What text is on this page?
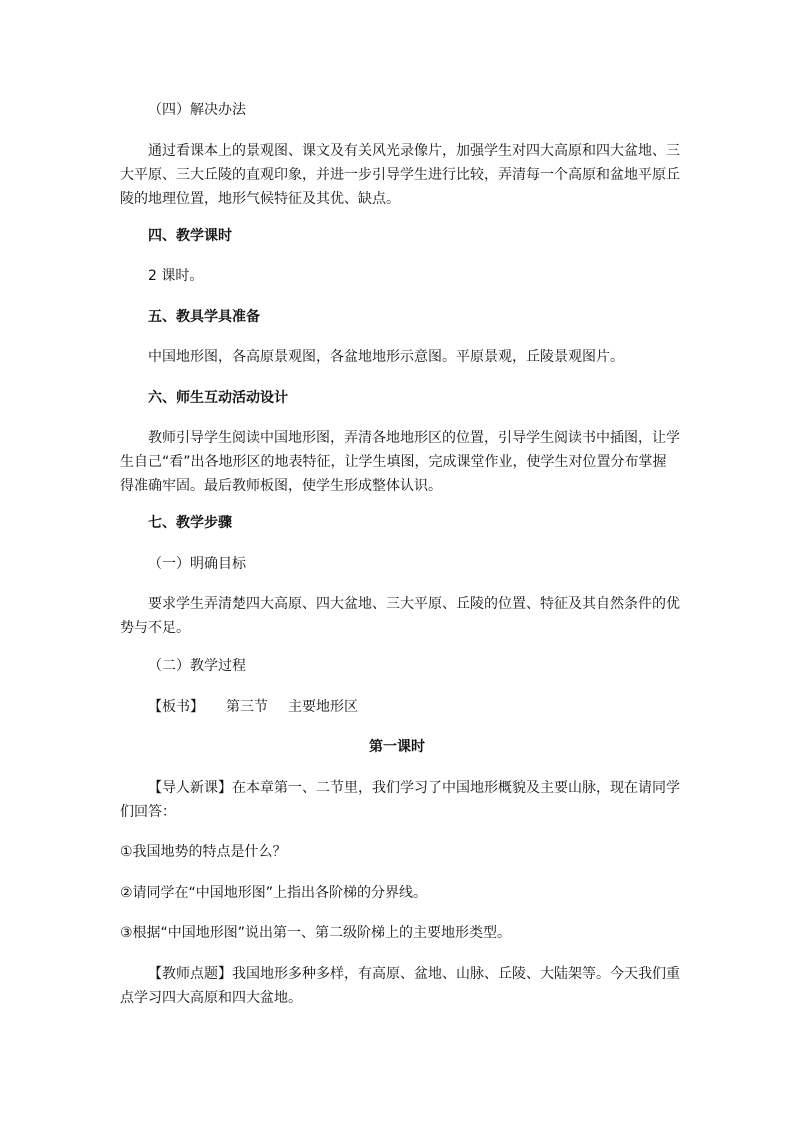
（四）解决办法
通过看课本上的景观图、课文及有关风光录像片，加强学生对四大高原和四大盆地、三
大平原、三大丘陵的直观印象，并进一步引导学生进行比较，弄清每一个高原和盆地平原丘
陵的地理位置，地形气候特征及其优、缺点。
四、教学课时
2 课时。
五、教具学具准备
中国地形图，各高原景观图，各盆地地形示意图。平原景观，丘陵景观图片。
六、师生互动活动设计
教师引导学生阅读中国地形图，弄清各地地形区的位置，引导学生阅读书中插图，让学
生自己“看”出各地形区的地表特征，让学生填图，完成课堂作业，使学生对位置分布掌握
得准确牢固。最后教师板图，使学生形成整体认识。
七、教学步骤
（一）明确目标
要求学生弄清楚四大高原、四大盆地、三大平原、丘陵的位置、特征及其自然条件的优
势与不足。
（二）教学过程
【板书】 第三节 主要地形区
第一课时
【导人新课】在本章第一、二节里，我们学习了中国地形概貌及主要山脉，现在请同学
们回答：
①我国地势的特点是什么？
②请同学在“中国地形图”上指出各阶梯的分界线。
③根据“中国地形图”说出第一、第二级阶梯上的主要地形类型。
【教师点题】我国地形多种多样，有高原、盆地、山脉、丘陵、大陆架等。今天我们重
点学习四大高原和四大盆地。
